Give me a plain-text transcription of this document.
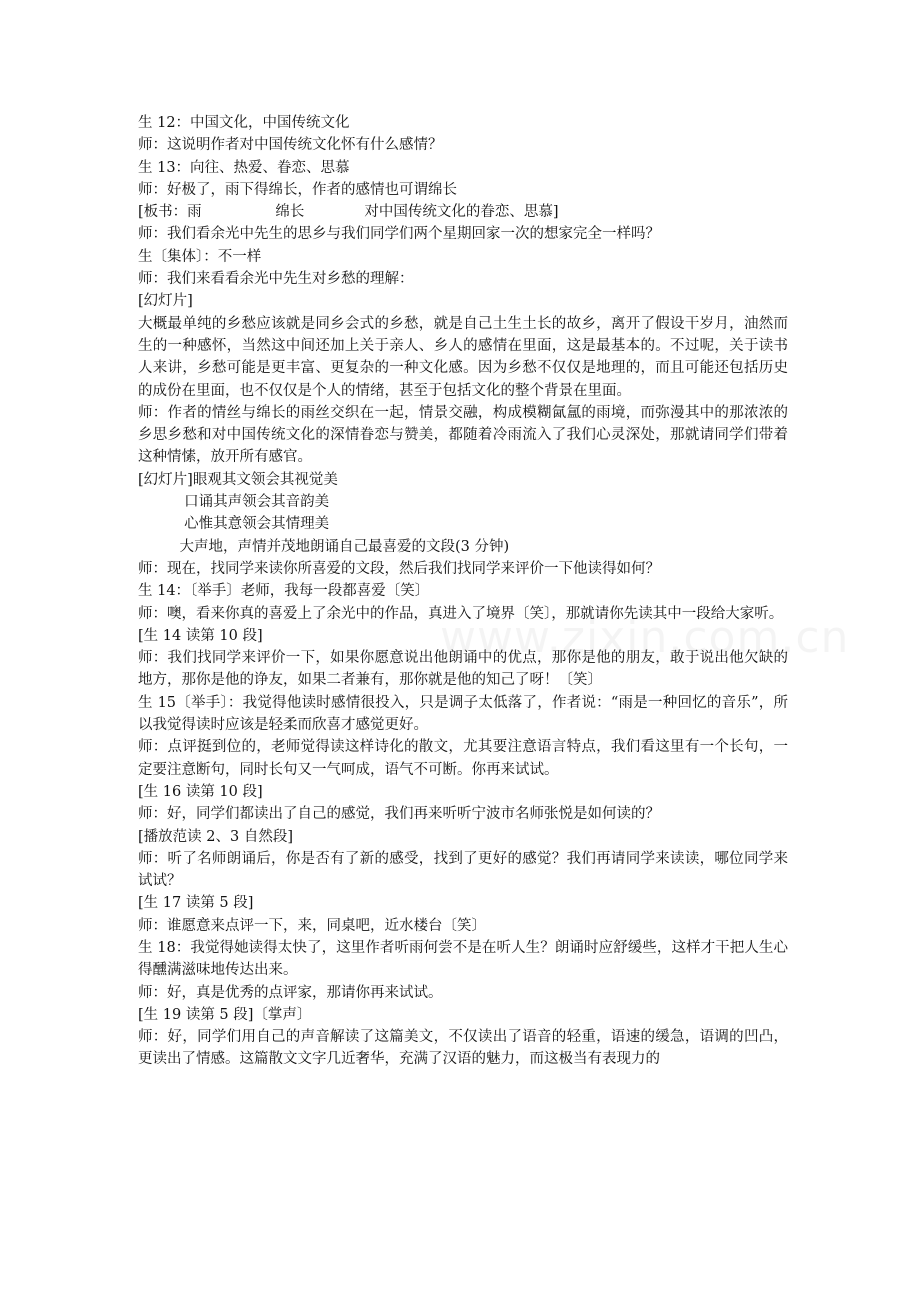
生 12：中国文化，中国传统文化
师：这说明作者对中国传统文化怀有什么感情？
生 13：向往、热爱、眷恋、思慕
师：好极了，雨下得绵长，作者的感情也可谓绵长
[板书：雨                绵长             对中国传统文化的眷恋、思慕]
师：我们看余光中先生的思乡与我们同学们两个星期回家一次的想家完全一样吗？
生〔集体〕：不一样
师：我们来看看余光中先生对乡愁的理解：
[幻灯片]
大概最单纯的乡愁应该就是同乡会式的乡愁，就是自己土生土长的故乡，离开了假设干岁月，油然而生的一种感怀，当然这中间还加上关于亲人、乡人的感情在里面，这是最基本的。不过呢，关于读书人来讲，乡愁可能是更丰富、更复杂的一种文化感。因为乡愁不仅仅是地理的，而且可能还包括历史的成份在里面，也不仅仅是个人的情绪，甚至于包括文化的整个背景在里面。
师：作者的情丝与绵长的雨丝交织在一起，情景交融，构成模糊氤氲的雨境，而弥漫其中的那浓浓的乡思乡愁和对中国传统文化的深情眷恋与赞美，都随着冷雨流入了我们心灵深处，那就请同学们带着这种情愫，放开所有感官。
[幻灯片]眼观其文领会其视觉美
口诵其声领会其音韵美
心惟其意领会其情理美
大声地，声情并茂地朗诵自己最喜爱的文段(3 分钟)
师：现在，找同学来读你所喜爱的文段，然后我们找同学来评价一下他读得如何？
生 14：〔举手〕老师，我每一段都喜爱〔笑〕
师：噢，看来你真的喜爱上了余光中的作品，真进入了境界〔笑〕，那就请你先读其中一段给大家听。
[生 14 读第 10 段]
师：我们找同学来评价一下，如果你愿意说出他朗诵中的优点，那你是他的朋友，敢于说出他欠缺的地方，那你是他的诤友，如果二者兼有，那你就是他的知己了呀！〔笑〕
生 15〔举手〕：我觉得他读时感情很投入，只是调子太低落了，作者说：“雨是一种回忆的音乐”，所以我觉得读时应该是轻柔而欣喜才感觉更好。
师：点评挺到位的，老师觉得读这样诗化的散文，尤其要注意语言特点，我们看这里有一个长句，一定要注意断句，同时长句又一气呵成，语气不可断。你再来试试。
[生 16 读第 10 段]
师：好，同学们都读出了自己的感觉，我们再来听听宁波市名师张悦是如何读的？
[播放范读 2、3 自然段]
师：听了名师朗诵后，你是否有了新的感受，找到了更好的感觉？我们再请同学来读读，哪位同学来试试？
[生 17 读第 5 段]
师：谁愿意来点评一下，来，同桌吧，近水楼台〔笑〕
生 18：我觉得她读得太快了，这里作者听雨何尝不是在听人生？朗诵时应舒缓些，这样才干把人生心得醺满滋味地传达出来。
师：好，真是优秀的点评家，那请你再来试试。
[生 19 读第 5 段]〔掌声〕
师：好，同学们用自己的声音解读了这篇美文，不仅读出了语音的轻重，语速的缓急，语调的凹凸，更读出了情感。这篇散文文字几近奢华，充满了汉语的魅力，而这极当有表现力的
